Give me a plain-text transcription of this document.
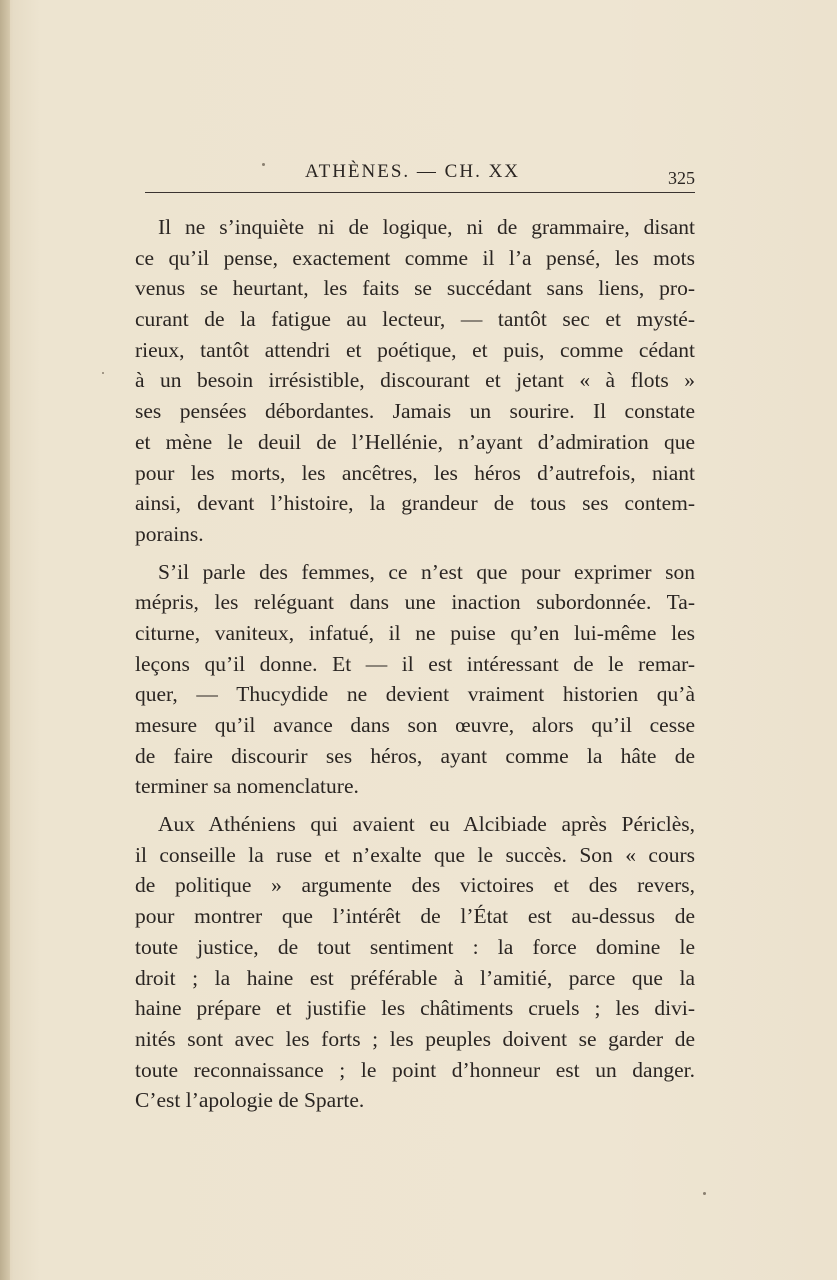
ATHÈNES. — CH. XX	325
Il ne s’inquiète ni de logique, ni de grammaire, disant
ce qu’il pense, exactement comme il l’a pensé, les mots
venus se heurtant, les faits se succédant sans liens, pro-
curant de la fatigue au lecteur, — tantôt sec et mysté-
rieux, tantôt attendri et poétique, et puis, comme cédant
à un besoin irrésistible, discourant et jetant « à flots »
ses pensées débordantes. Jamais un sourire. Il constate
et mène le deuil de l’Hellénie, n’ayant d’admiration que
pour les morts, les ancêtres, les héros d’autrefois, niant
ainsi, devant l’histoire, la grandeur de tous ses contem-
porains.
S’il parle des femmes, ce n’est que pour exprimer son
mépris, les reléguant dans une inaction subordonnée. Ta-
citurne, vaniteux, infatué, il ne puise qu’en lui-même les
leçons qu’il donne. Et — il est intéressant de le remar-
quer, — Thucydide ne devient vraiment historien qu’à
mesure qu’il avance dans son œuvre, alors qu’il cesse
de faire discourir ses héros, ayant comme la hâte de
terminer sa nomenclature.
Aux Athéniens qui avaient eu Alcibiade après Périclès,
il conseille la ruse et n’exalte que le succès. Son « cours
de politique » argumente des victoires et des revers,
pour montrer que l’intérêt de l’État est au-dessus de
toute justice, de tout sentiment : la force domine le
droit ; la haine est préférable à l’amitié, parce que la
haine prépare et justifie les châtiments cruels ; les divi-
nités sont avec les forts ; les peuples doivent se garder de
toute reconnaissance ; le point d’honneur est un danger.
C’est l’apologie de Sparte.
